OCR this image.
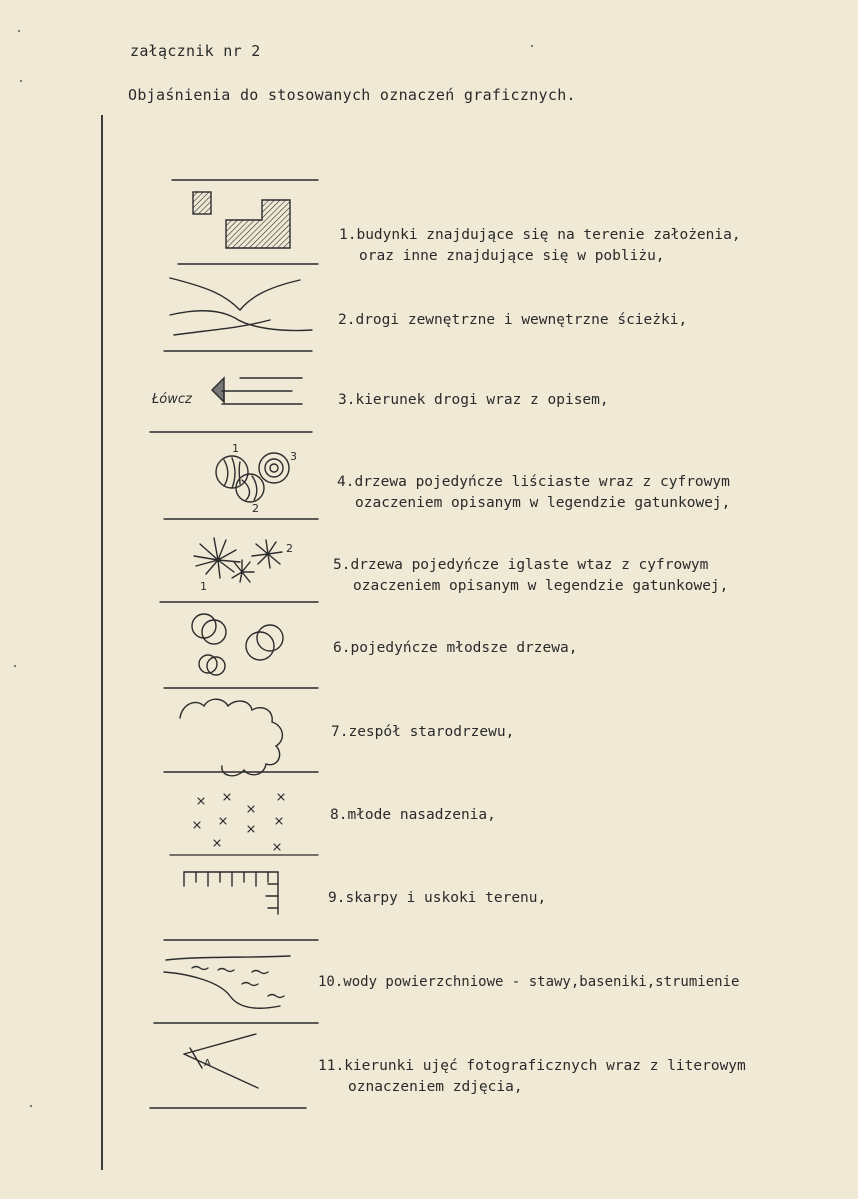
załącznik nr 2
Objaśnienia do stosowanych oznaczeń graficznych.
Łówcz
1
2
3
1
2
A
1.budynki znajdujące się na terenie założenia,
oraz inne znajdujące się w pobliżu,
2.drogi zewnętrzne i wewnętrzne ścieżki,
3.kierunek drogi wraz z opisem,
4.drzewa pojedyńcze liściaste wraz z cyfrowym
ozaczeniem opisanym w legendzie gatunkowej,
5.drzewa pojedyńcze iglaste wtaz z cyfrowym
ozaczeniem opisanym w legendzie gatunkowej,
6.pojedyńcze młodsze drzewa,
7.zespół starodrzewu,
8.młode nasadzenia,
9.skarpy i uskoki terenu,
10.wody powierzchniowe - stawy,baseniki,strumienie
11.kierunki ujęć fotograficznych wraz z literowym
oznaczeniem zdjęcia,
